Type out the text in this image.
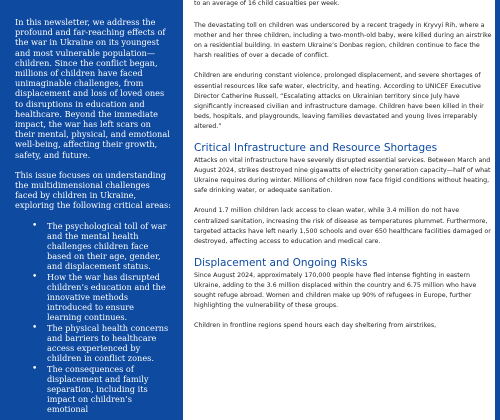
In this newsletter, we address the profound and far-reaching effects of the war in Ukraine on its youngest and most vulnerable population—children. Since the conflict began, millions of children have faced unimaginable challenges, from displacement and loss of loved ones to disruptions in education and healthcare. Beyond the immediate impact, the war has left scars on their mental, physical, and emotional well-being, affecting their growth, safety, and future.

This issue focuses on understanding the multidimensional challenges faced by children in Ukraine, exploring the following critical areas:

• The psychological toll of war and the mental health challenges children face based on their age, gender, and displacement status.
• How the war has disrupted children’s education and the innovative methods introduced to ensure learning continues.
• The physical health concerns and barriers to healthcare access experienced by children in conflict zones.
• The consequences of displacement and family separation, including its impact on children’s emotional

to an average of 16 child casualties per week.

The devastating toll on children was underscored by a recent tragedy in Kryvyi Rih, where a mother and her three children, including a two-month-old baby, were killed during an airstrike on a residential building. In eastern Ukraine’s Donbas region, children continue to face the harsh realities of over a decade of conflict.

Children are enduring constant violence, prolonged displacement, and severe shortages of essential resources like safe water, electricity, and heating. According to UNICEF Executive Director Catherine Russell, “Escalating attacks on Ukrainian territory since July have significantly increased civilian and infrastructure damage. Children have been killed in their beds, hospitals, and playgrounds, leaving families devastated and young lives irreparably altered.”

Critical Infrastructure and Resource Shortages

Attacks on vital infrastructure have severely disrupted essential services. Between March and August 2024, strikes destroyed nine gigawatts of electricity generation capacity—half of what Ukraine requires during winter. Millions of children now face frigid conditions without heating, safe drinking water, or adequate sanitation.

Around 1.7 million children lack access to clean water, while 3.4 million do not have centralized sanitation, increasing the risk of disease as temperatures plummet. Furthermore, targeted attacks have left nearly 1,500 schools and over 650 healthcare facilities damaged or destroyed, affecting access to education and medical care.

Displacement and Ongoing Risks

Since August 2024, approximately 170,000 people have fled intense fighting in eastern Ukraine, adding to the 3.6 million displaced within the country and 6.75 million who have sought refuge abroad. Women and children make up 90% of refugees in Europe, further highlighting the vulnerability of these groups.

Children in frontline regions spend hours each day sheltering from airstrikes,
